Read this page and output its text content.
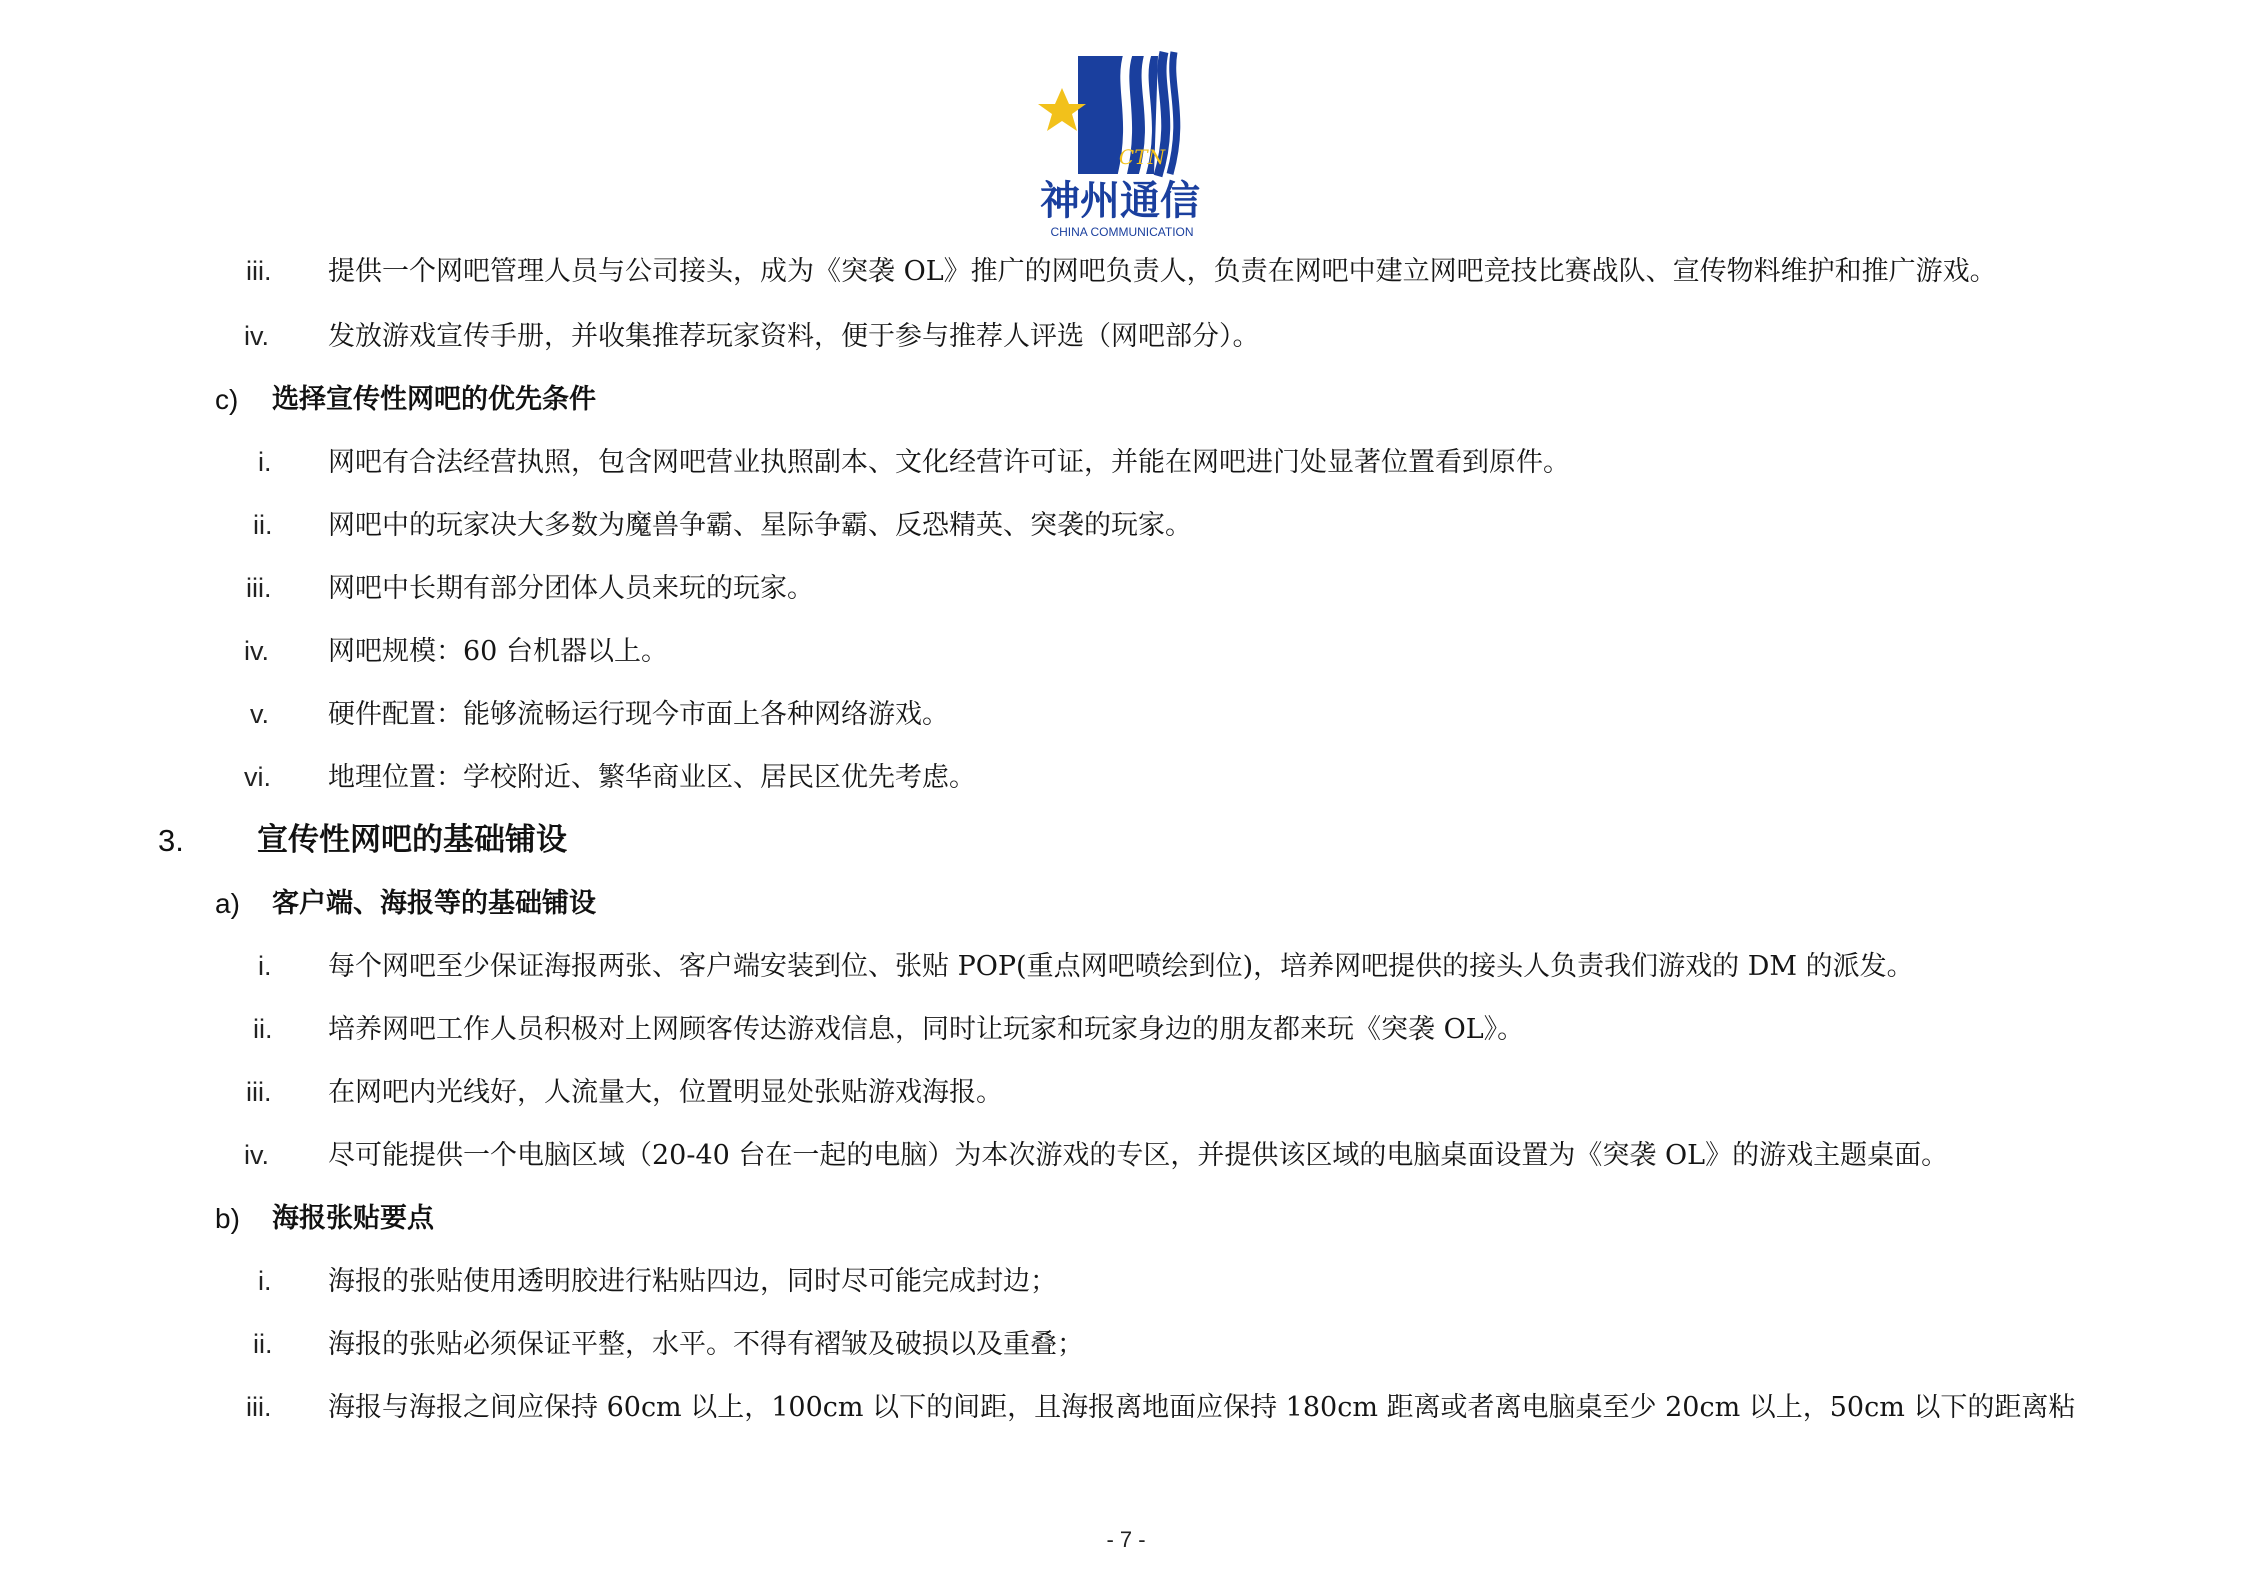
CTN
神州通信
CHINA COMMUNICATION
iii. 提供一个网吧管理人员与公司接头，成为《突袭 OL》推广的网吧负责人，负责在网吧中建立网吧竞技比赛战队、宣传物料维护和推广游戏。
iv. 发放游戏宣传手册，并收集推荐玩家资料，便于参与推荐人评选（网吧部分）。
c) 选择宣传性网吧的优先条件
i. 网吧有合法经营执照，包含网吧营业执照副本、文化经营许可证，并能在网吧进门处显著位置看到原件。
ii. 网吧中的玩家决大多数为魔兽争霸、星际争霸、反恐精英、突袭的玩家。
iii. 网吧中长期有部分团体人员来玩的玩家。
iv. 网吧规模：60 台机器以上。
v. 硬件配置：能够流畅运行现今市面上各种网络游戏。
vi. 地理位置：学校附近、繁华商业区、居民区优先考虑。
3. 宣传性网吧的基础铺设
a) 客户端、海报等的基础铺设
i. 每个网吧至少保证海报两张、客户端安装到位、张贴 POP(重点网吧喷绘到位)，培养网吧提供的接头人负责我们游戏的 DM 的派发。
ii. 培养网吧工作人员积极对上网顾客传达游戏信息，同时让玩家和玩家身边的朋友都来玩《突袭 OL》。
iii. 在网吧内光线好，人流量大，位置明显处张贴游戏海报。
iv. 尽可能提供一个电脑区域（20-40 台在一起的电脑）为本次游戏的专区，并提供该区域的电脑桌面设置为《突袭 OL》的游戏主题桌面。
b) 海报张贴要点
i. 海报的张贴使用透明胶进行粘贴四边，同时尽可能完成封边；
ii. 海报的张贴必须保证平整，水平。不得有褶皱及破损以及重叠；
iii. 海报与海报之间应保持 60cm 以上，100cm 以下的间距，且海报离地面应保持 180cm 距离或者离电脑桌至少 20cm 以上，50cm 以下的距离粘
- 7 -
